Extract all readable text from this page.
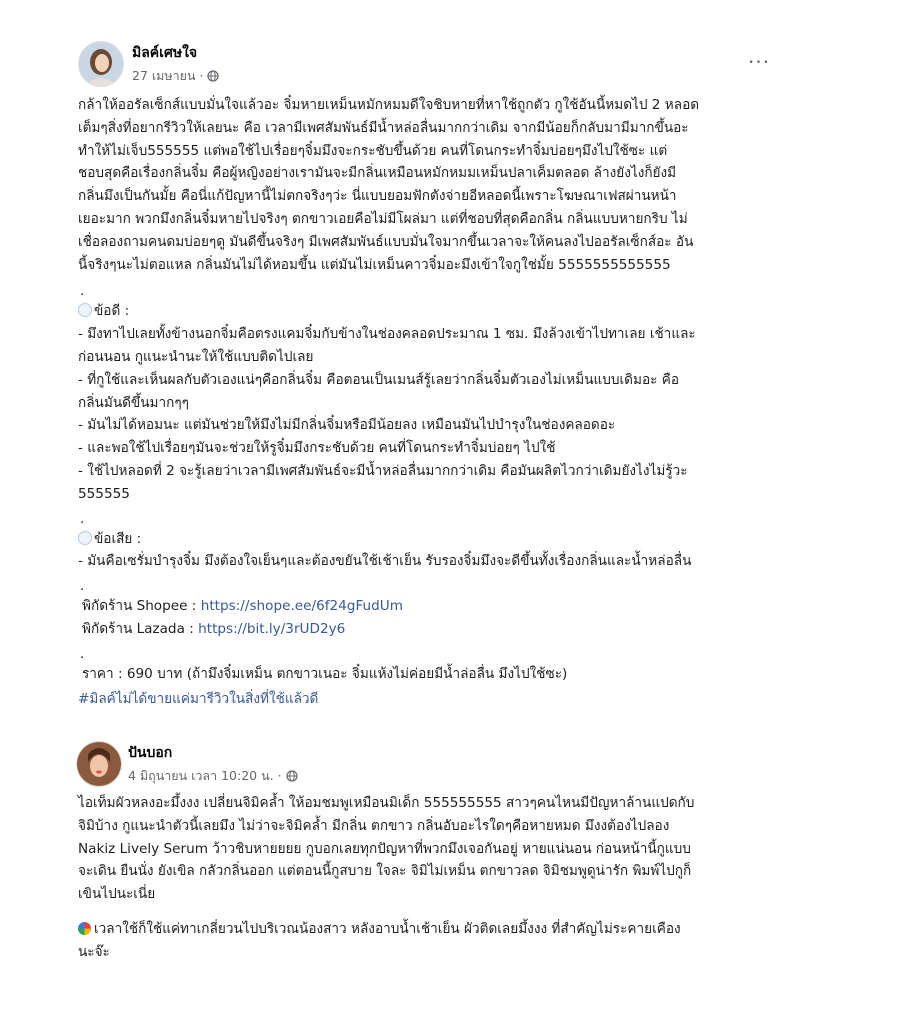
มิลค์เศษใจ
27 เมษายน ·
···
กล้าให้ออรัลเซ็กส์แบบมั่นใจแล้วอะ จิ๋มหายเหม็นหมักหมมดีใจชิบหายที่หาใช้ถูกตัว กูใช้อันนี้หมดไป 2 หลอด
เต็มๆสิ่งที่อยากรีวิวให้เลยนะ คือ เวลามีเพศสัมพันธ์มีน้ำหล่อลื่นมากกว่าเดิม จากมีน้อยก็กลับมามีมากขึ้นอะ
ทำให้ไม่เจ็บ555555 แต่พอใช้ไปเรื่อยๆจิ๋มมึงจะกระชับขึ้นด้วย คนที่โดนกระทำจิ๋มบ่อยๆมึงไปใช้ซะ แต่
ชอบสุดคือเรื่องกลิ่นจิ๋ม คือผู้หญิงอย่างเรามันจะมีกลิ่นเหมือนหมักหมมเหม็นปลาเค็มตลอด ล้างยังไงก็ยังมี
กลิ่นมึงเป็นกันมั้ย คือนี่แก้ปัญหานี้ไม่ตกจริงๆว่ะ นี่แบบยอมฟักตังจ่ายอีหลอดนี้เพราะโฆษณาเฟสผ่านหน้า
เยอะมาก พวกมึงกลิ่นจิ๋มหายไปจริงๆ ตกขาวเอยคือไม่มีโผล่มา แต่ที่ชอบที่สุดคือกลิ่น กลิ่นแบบหายกริบ ไม่
เชื่อลองถามคนดมบ่อยๆดู มันดีขึ้นจริงๆ มีเพศสัมพันธ์แบบมั่นใจมากขึ้นเวลาจะให้คนลงไปออรัลเซ็กส์อะ อัน
นี้จริงๆนะไม่ตอแหล กลิ่นมันไม่ได้หอมขึ้น แต่มันไม่เหม็นคาวจิ๋มอะมึงเข้าใจกูใช่มั้ย 5555555555555
.
ข้อดี :
- มึงทาไปเลยทั้งข้างนอกจิ๋มคือตรงแคมจิ๋มกับข้างในช่องคลอดประมาณ 1 ซม. มึงล้วงเข้าไปทาเลย เช้าและ
ก่อนนอน กูแนะนำนะให้ใช้แบบติดไปเลย
- ที่กูใช้และเห็นผลกับตัวเองแน่ๆคือกลิ่นจิ๋ม คือตอนเป็นเมนส์รู้เลยว่ากลิ่นจิ๋มตัวเองไม่เหม็นแบบเดิมอะ คือ
กลิ่นมันดีขึ้นมากๆๆ
- มันไม่ได้หอมนะ แต่มันช่วยให้มึงไม่มีกลิ่นจิ๋มหรือมีน้อยลง เหมือนมันไปบำรุงในช่องคลอดอะ
- และพอใช้ไปเรื่อยๆมันจะช่วยให้รูจิ๋มมึงกระชับด้วย คนที่โดนกระทำจิ๋มบ่อยๆ ไปใช้
- ใช้ไปหลอดที่ 2 จะรู้เลยว่าเวลามีเพศสัมพันธ์จะมีน้ำหล่อลื่นมากกว่าเดิม คือมันผลิตไวกว่าเดิมยังไงไม่รู้วะ
555555
.
ข้อเสีย :
- มันคือเซรั่มบำรุงจิ๋ม มึงต้องใจเย็นๆและต้องขยันใช้เช้าเย็น รับรองจิ๋มมึงจะดีขึ้นทั้งเรื่องกลิ่นและน้ำหล่อลื่น
.
พิกัดร้าน Shopee : https://shope.ee/6f24gFudUm
พิกัดร้าน Lazada : https://bit.ly/3rUD2y6
.
ราคา : 690 บาท (ถ้ามึงจิ๋มเหม็น ตกขาวเนอะ จิ๋มแห้งไม่ค่อยมีน้ำล่อลื่น มึงไปใช้ซะ)
#มิลค์ไม่ได้ขายแค่มารีวิวในสิ่งที่ใช้แล้วดี
ปันบอก
4 มิถุนายน เวลา 10:20 น. ·
ไอเท็มผัวหลงอะมึ้งงง เปลี่ยนจิมิคล้ำ ให้อมชมพูเหมือนมิเด็ก 555555555 สาวๆคนไหนมีปัญหาล้านแปดกับ
จิมิบ้าง กูแนะนำตัวนี้เลยมึง ไม่ว่าจะจิมิคล้ำ มีกลิ่น ตกขาว กลิ่นอับอะไรใดๆคือหายหมด มึงงต้องไปลอง
Nakiz Lively Serum ว้าวชิบหายยยย กูบอกเลยทุกปัญหาที่พวกมึงเจอกันอยู่ หายแน่นอน ก่อนหน้านี้กูแบบ
จะเดิน ยืนนั่ง ยังเขิล กลัวกลิ่นออก แต่ตอนนี้กูสบาย ใจละ จิมิไม่เหม็น ตกขาวลด จิมิชมพูดูน่ารัก พิมพ์ไปกูก็
เขินไปนะเนี่ย
เวลาใช้ก็ใช้แค่ทาเกลี่ยวนไปบริเวณน้องสาว หลังอาบน้ำเช้าเย็น ผัวติดเลยมึ้งงง ที่สำคัญไม่ระคายเคือง
นะจ๊ะ
